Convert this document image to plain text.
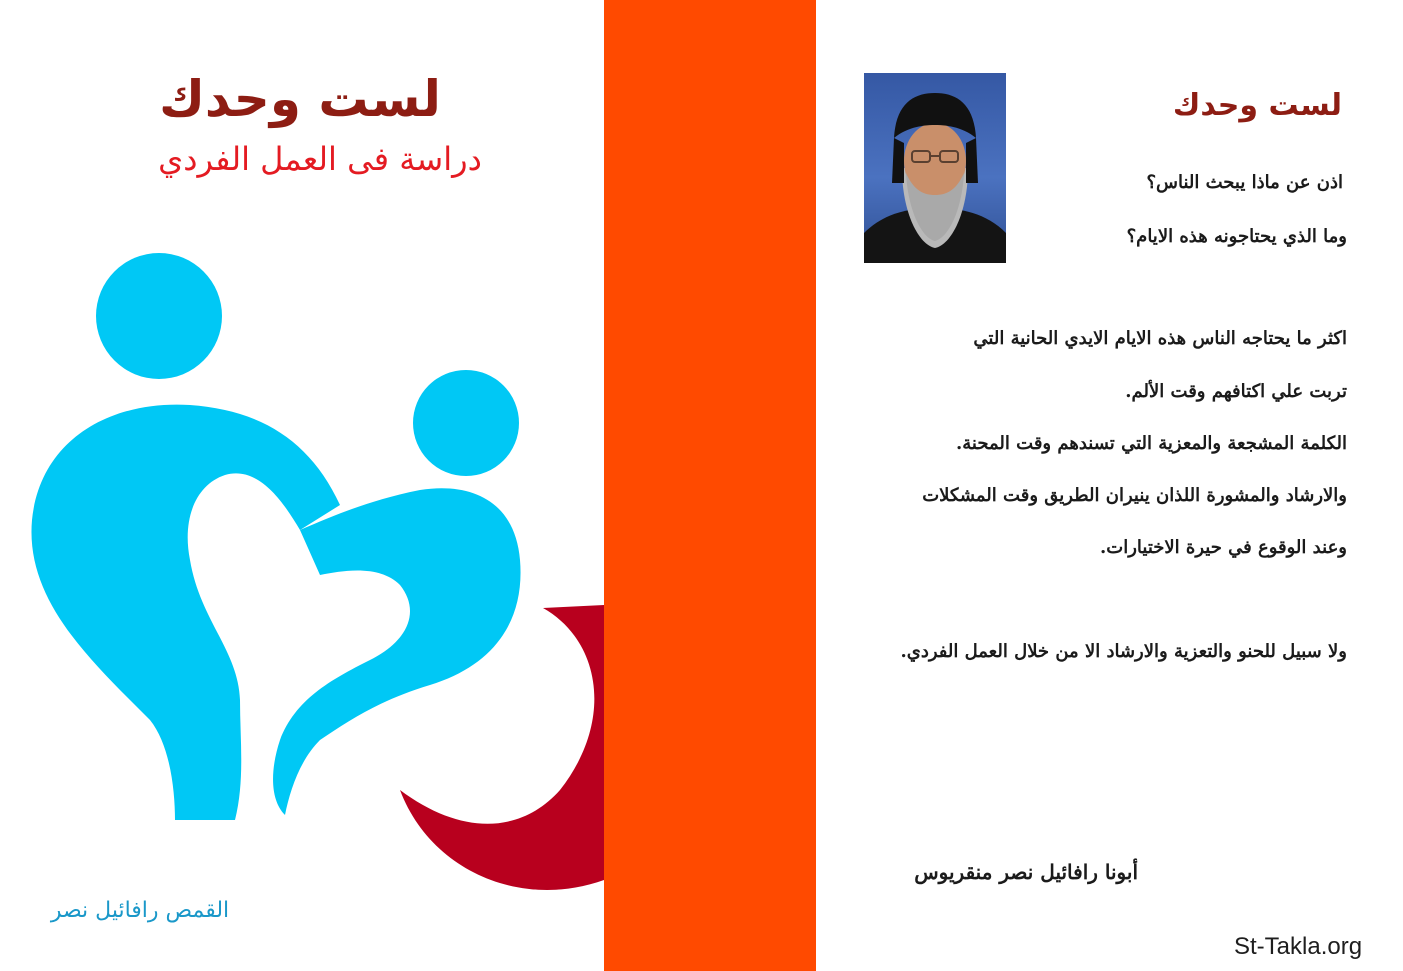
لست وحدك
دراسة فى العمل الفردي
القمص رافائيل نصر
لست وحدك
اذن عن ماذا يبحث الناس؟
وما الذي يحتاجونه هذه الايام؟
اكثر ما يحتاجه الناس هذه الايام الايدي الحانية التي
تربت علي اكتافهم وقت الألم.
الكلمة المشجعة والمعزية التي تسندهم وقت المحنة.
والارشاد والمشورة اللذان ينيران الطريق وقت المشكلات
وعند الوقوع في حيرة الاختيارات.
ولا سبيل للحنو والتعزية والارشاد الا من خلال العمل الفردي.
أبونا رافائيل نصر منقريوس
St-Takla.org
